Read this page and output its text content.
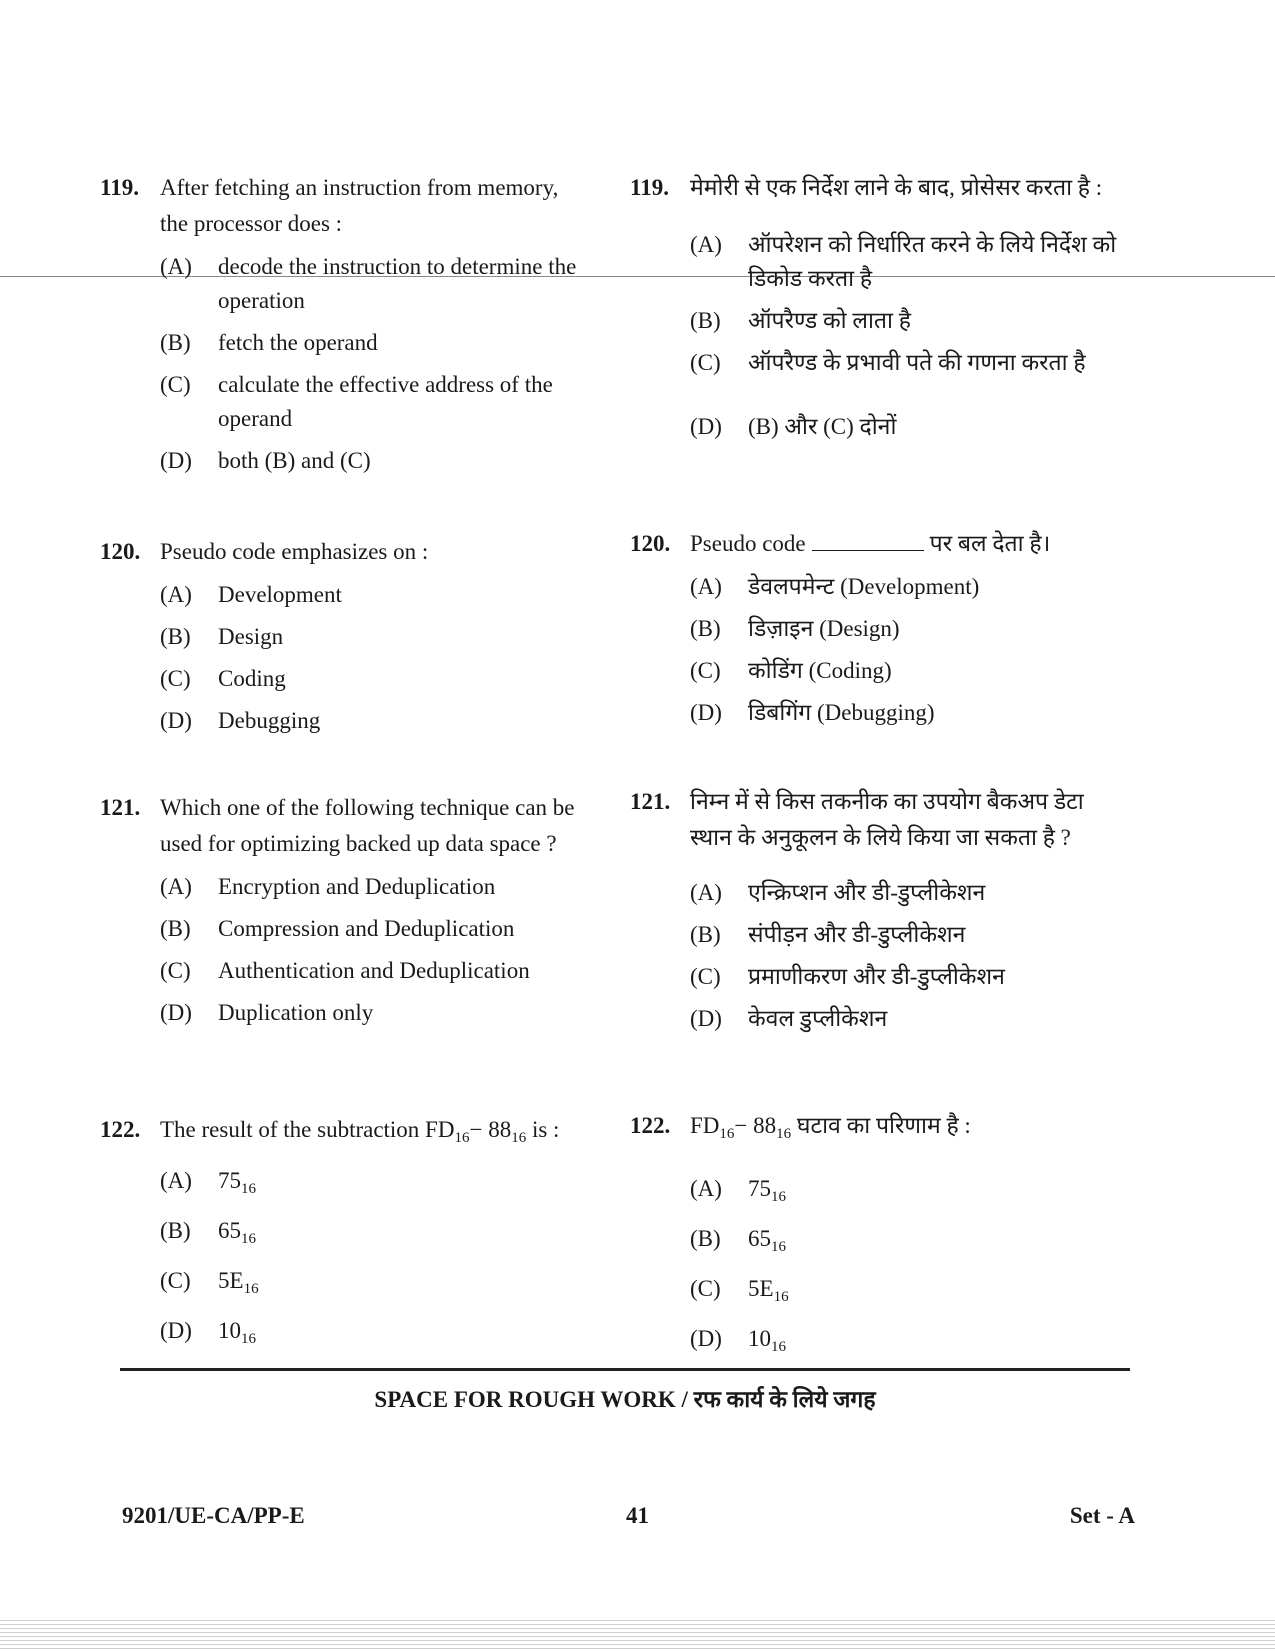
119. After fetching an instruction from memory, the processor does :
(A)	decode the instruction to determine the operation
(B)	fetch the operand
(C)	calculate the effective address of the operand
(D)	both (B) and (C)
120. Pseudo code emphasizes on :
(A)	Development
(B)	Design
(C)	Coding
(D)	Debugging
121. Which one of the following technique can be used for optimizing backed up data space ?
(A)	Encryption and Deduplication
(B)	Compression and Deduplication
(C)	Authentication and Deduplication
(D)	Duplication only
122. The result of the subtraction $FD_{16}- 88_{16}$ is :
(A)	$75_{16}$
(B)	$65_{16}$
(C)	$5E_{16}$
(D)	$10_{16}$
119. मेमोरी से एक निर्देश लाने के बाद, प्रोसेसर करता है :
(A)	ऑपरेशन को निर्धारित करने के लिये निर्देश को डिकोड करता है
(B)	ऑपरैण्ड को लाता है
(C)	ऑपरैण्ड के प्रभावी पते की गणना करता है
(D)	(B) और (C) दोनों
120. Pseudo code	पर बल देता है।
(A)	डेवलपमेन्ट (Development)
(B)	डिज़ाइन (Design)
(C)	कोडिंग (Coding)
(D)	डिबगिंग (Debugging)
121. निम्न में से किस तकनीक का उपयोग बैकअप डेटा स्थान के अनुकूलन के लिये किया जा सकता है ?
(A)	एन्क्रिप्शन और डी-डुप्लीकेशन
(B)	संपीड़न और डी-डुप्लीकेशन
(C)	प्रमाणीकरण और डी-डुप्लीकेशन
(D)	केवल डुप्लीकेशन
122. $FD_{16}- 88_{16}$ घटाव का परिणाम है :
(A)	$75_{16}$
(B)	$65_{16}$
(C)	$5E_{16}$
(D)	$10_{16}$
SPACE FOR ROUGH WORK / रफ कार्य के लिये जगह
9201/UE-CA/PP-E	41	Set - A
